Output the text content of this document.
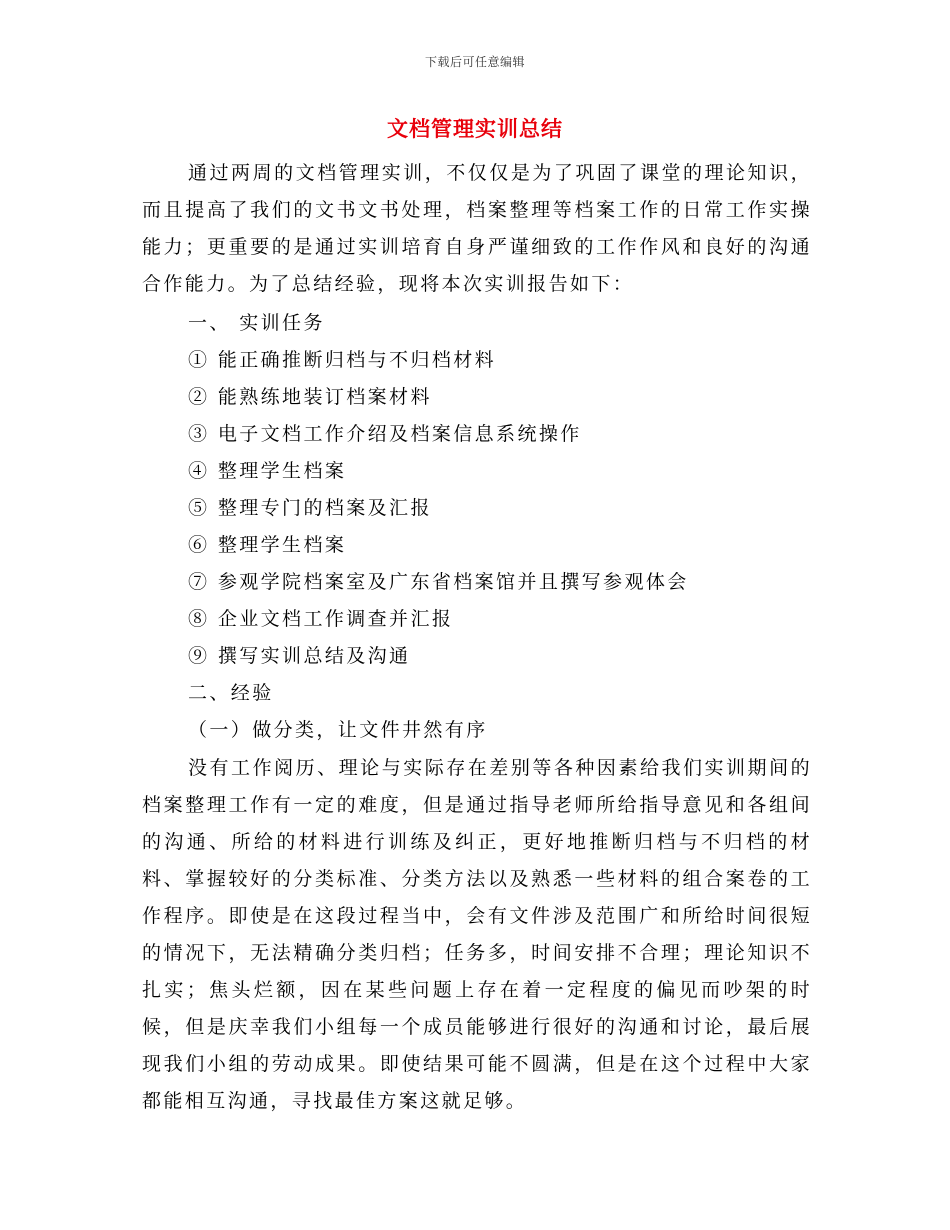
下载后可任意编辑
文档管理实训总结

通过两周的文档管理实训，不仅仅是为了巩固了课堂的理论知识，而且提高了我们的文书文书处理，档案整理等档案工作的日常工作实操能力；更重要的是通过实训培育自身严谨细致的工作作风和良好的沟通合作能力。为了总结经验，现将本次实训报告如下：

一、 实训任务
① 能正确推断归档与不归档材料
② 能熟练地装订档案材料
③ 电子文档工作介绍及档案信息系统操作
④ 整理学生档案
⑤ 整理专门的档案及汇报
⑥ 整理学生档案
⑦ 参观学院档案室及广东省档案馆并且撰写参观体会
⑧ 企业文档工作调查并汇报
⑨ 撰写实训总结及沟通
二、经验
（一）做分类，让文件井然有序

没有工作阅历、理论与实际存在差别等各种因素给我们实训期间的档案整理工作有一定的难度，但是通过指导老师所给指导意见和各组间的沟通、所给的材料进行训练及纠正，更好地推断归档与不归档的材料、掌握较好的分类标准、分类方法以及熟悉一些材料的组合案卷的工作程序。即使是在这段过程当中，会有文件涉及范围广和所给时间很短的情况下，无法精确分类归档；任务多，时间安排不合理；理论知识不扎实；焦头烂额，因在某些问题上存在着一定程度的偏见而吵架的时候，但是庆幸我们小组每一个成员能够进行很好的沟通和讨论，最后展现我们小组的劳动成果。即使结果可能不圆满，但是在这个过程中大家都能相互沟通，寻找最佳方案这就足够。
